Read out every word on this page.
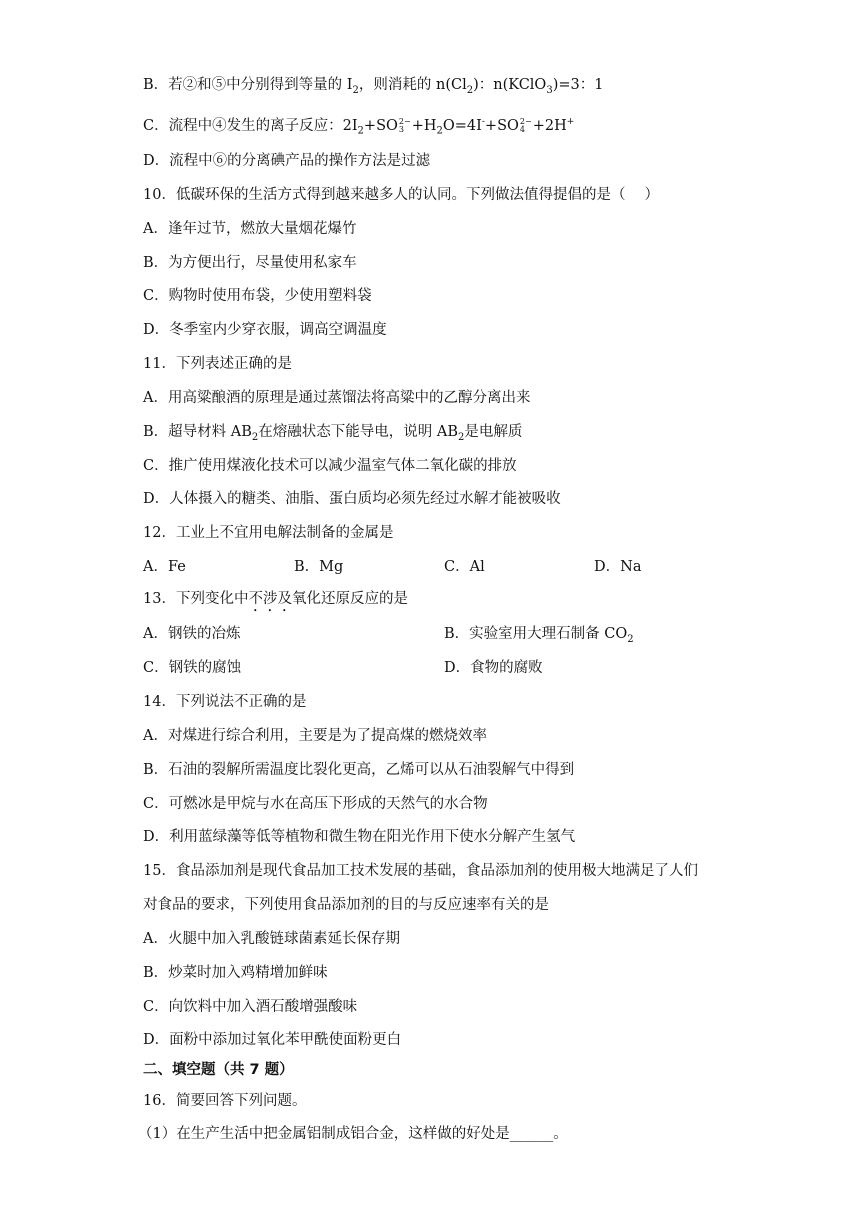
B．若②和⑤中分别得到等量的 $I_2$，则消耗的 $n(Cl_2)$：n(KClO$_3$)=3：1
C．流程中④发生的离子反应：$2I_2+SO$ 2−
$3 +H_2O=4I^-+SO$ 2−
4 +2H+
D．流程中⑥的分离碘产品的操作方法是过滤
10．低碳环保的生活方式得到越来越多人的认同。下列做法值得提倡的是（　 ）
A．逢年过节，燃放大量烟花爆竹
B．为方便出行，尽量使用私家车
C．购物时使用布袋，少使用塑料袋
D．冬季室内少穿衣服，调高空调温度
11．下列表述正确的是
A．用高粱酿酒的原理是通过蒸馏法将高粱中的乙醇分离出来
B．超导材料 $AB_2$在熔融状态下能导电，说明 $AB_2$是电解质
C．推广使用煤液化技术可以减少温室气体二氧化碳的排放
D．人体摄入的糖类、油脂、蛋白质均必须先经过水解才能被吸收
12．工业上不宜用电解法制备的金属是
A．Fe	B．Mg	C．Al	D．Na
13．下列变化中不涉及氧化还原反应的是
A．钢铁的冶炼	B．实验室用大理石制备 $CO_2$
C．钢铁的腐蚀	D．食物的腐败
14．下列说法不正确的是
A．对煤进行综合利用，主要是为了提高煤的燃烧效率
B．石油的裂解所需温度比裂化更高，乙烯可以从石油裂解气中得到
C．可燃冰是甲烷与水在高压下形成的天然气的水合物
D．利用蓝绿藻等低等植物和微生物在阳光作用下使水分解产生氢气
15．食品添加剂是现代食品加工技术发展的基础，食品添加剂的使用极大地满足了人们
对食品的要求，下列使用食品添加剂的目的与反应速率有关的是
A．火腿中加入乳酸链球菌素延长保存期
B．炒菜时加入鸡精增加鲜味
C．向饮料中加入酒石酸增强酸味
D．面粉中添加过氧化苯甲酰使面粉更白
二、填空题（共 7 题）
16．简要回答下列问题。
（1）在生产生活中把金属铝制成铝合金，这样做的好处是______。
